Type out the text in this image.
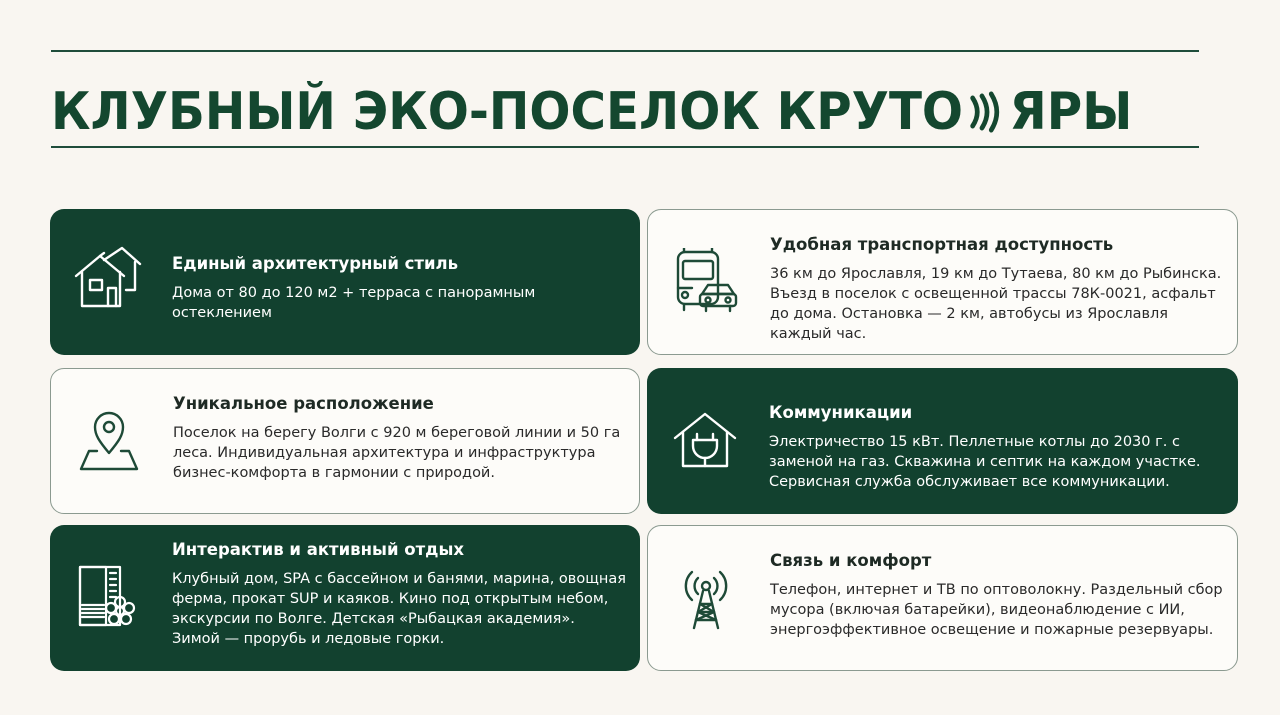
КЛУБНЫЙ ЭКО-ПОСЕЛОК КРУТО ЯРЫ
Единый архитектурный стиль

Дома от 80 до 120 м2 + терраса с панорамным остеклением

Удобная транспортная доступность

36 км до Ярославля, 19 км до Тутаева, 80 км до Рыбинска. Въезд в поселок с освещенной трассы 78К-0021, асфальт до дома. Остановка — 2 км, автобусы из Ярославля каждый час.

Уникальное расположение

Поселок на берегу Волги с 920 м береговой линии и 50 га леса. Индивидуальная архитектура и инфраструктура бизнес-комфорта в гармонии с природой.

Коммуникации

Электричество 15 кВт. Пеллетные котлы до 2030 г. с заменой на газ. Скважина и септик на каждом участке. Сервисная служба обслуживает все коммуникации.

Интерактив и активный отдых

Клубный дом, SPA с бассейном и банями, марина, овощная ферма, прокат SUP и каяков. Кино под открытым небом, экскурсии по Волге. Детская «Рыбацкая академия». Зимой — прорубь и ледовые горки.

Связь и комфорт

Телефон, интернет и ТВ по оптоволокну. Раздельный сбор мусора (включая батарейки), видеонаблюдение с ИИ, энергоэффективное освещение и пожарные резервуары.
